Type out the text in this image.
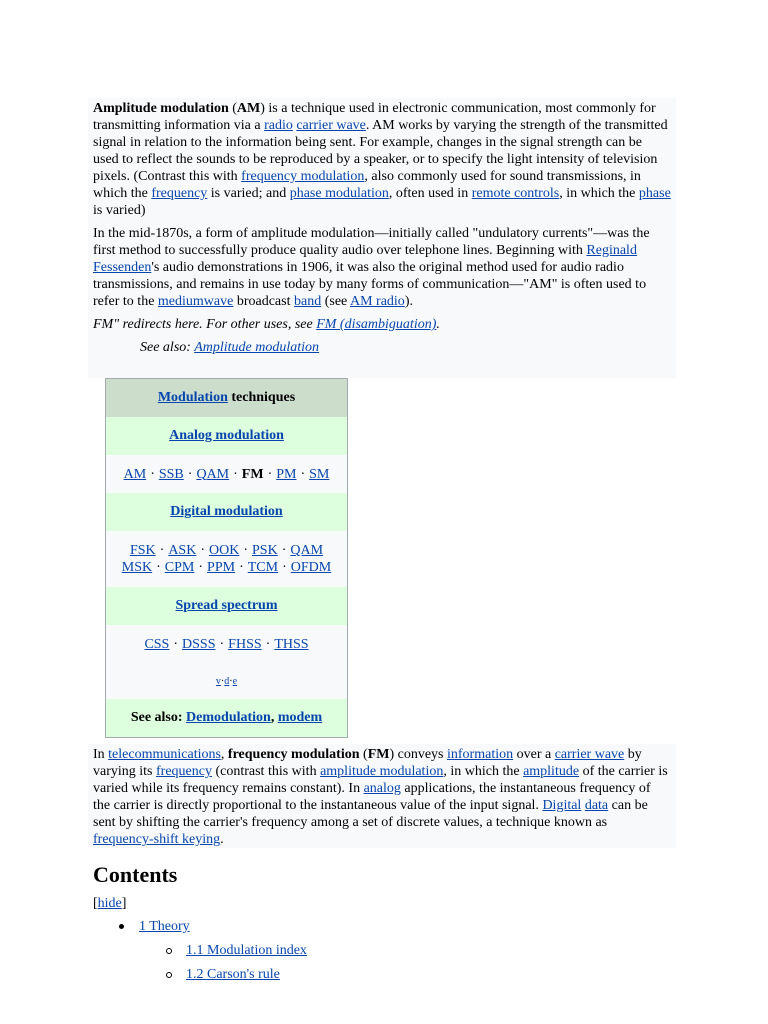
Amplitude modulation (AM) is a technique used in electronic communication, most commonly for transmitting information via a radio carrier wave. AM works by varying the strength of the transmitted signal in relation to the information being sent. For example, changes in the signal strength can be used to reflect the sounds to be reproduced by a speaker, or to specify the light intensity of television pixels. (Contrast this with frequency modulation, also commonly used for sound transmissions, in which the frequency is varied; and phase modulation, often used in remote controls, in which the phase is varied)

In the mid-1870s, a form of amplitude modulation—initially called "undulatory currents"—was the first method to successfully produce quality audio over telephone lines. Beginning with Reginald Fessenden's audio demonstrations in 1906, it was also the original method used for audio radio transmissions, and remains in use today by many forms of communication—"AM" is often used to refer to the mediumwave broadcast band (see AM radio).

FM" redirects here. For other uses, see FM (disambiguation).

See also: Amplitude modulation
Modulation techniques
Analog modulation
AM · SSB · QAM · FM · PM · SM
Digital modulation
FSK · ASK · OOK · PSK · QAM
MSK · CPM · PPM · TCM · OFDM
Spread spectrum
CSS · DSSS · FHSS · THSS
v·d·e
See also: Demodulation, modem

In telecommunications, frequency modulation (FM) conveys information over a carrier wave by varying its frequency (contrast this with amplitude modulation, in which the amplitude of the carrier is varied while its frequency remains constant). In analog applications, the instantaneous frequency of the carrier is directly proportional to the instantaneous value of the input signal. Digital data can be sent by shifting the carrier's frequency among a set of discrete values, a technique known as frequency-shift keying.

Contents
[hide]
1 Theory
1.1 Modulation index
1.2 Carson's rule
